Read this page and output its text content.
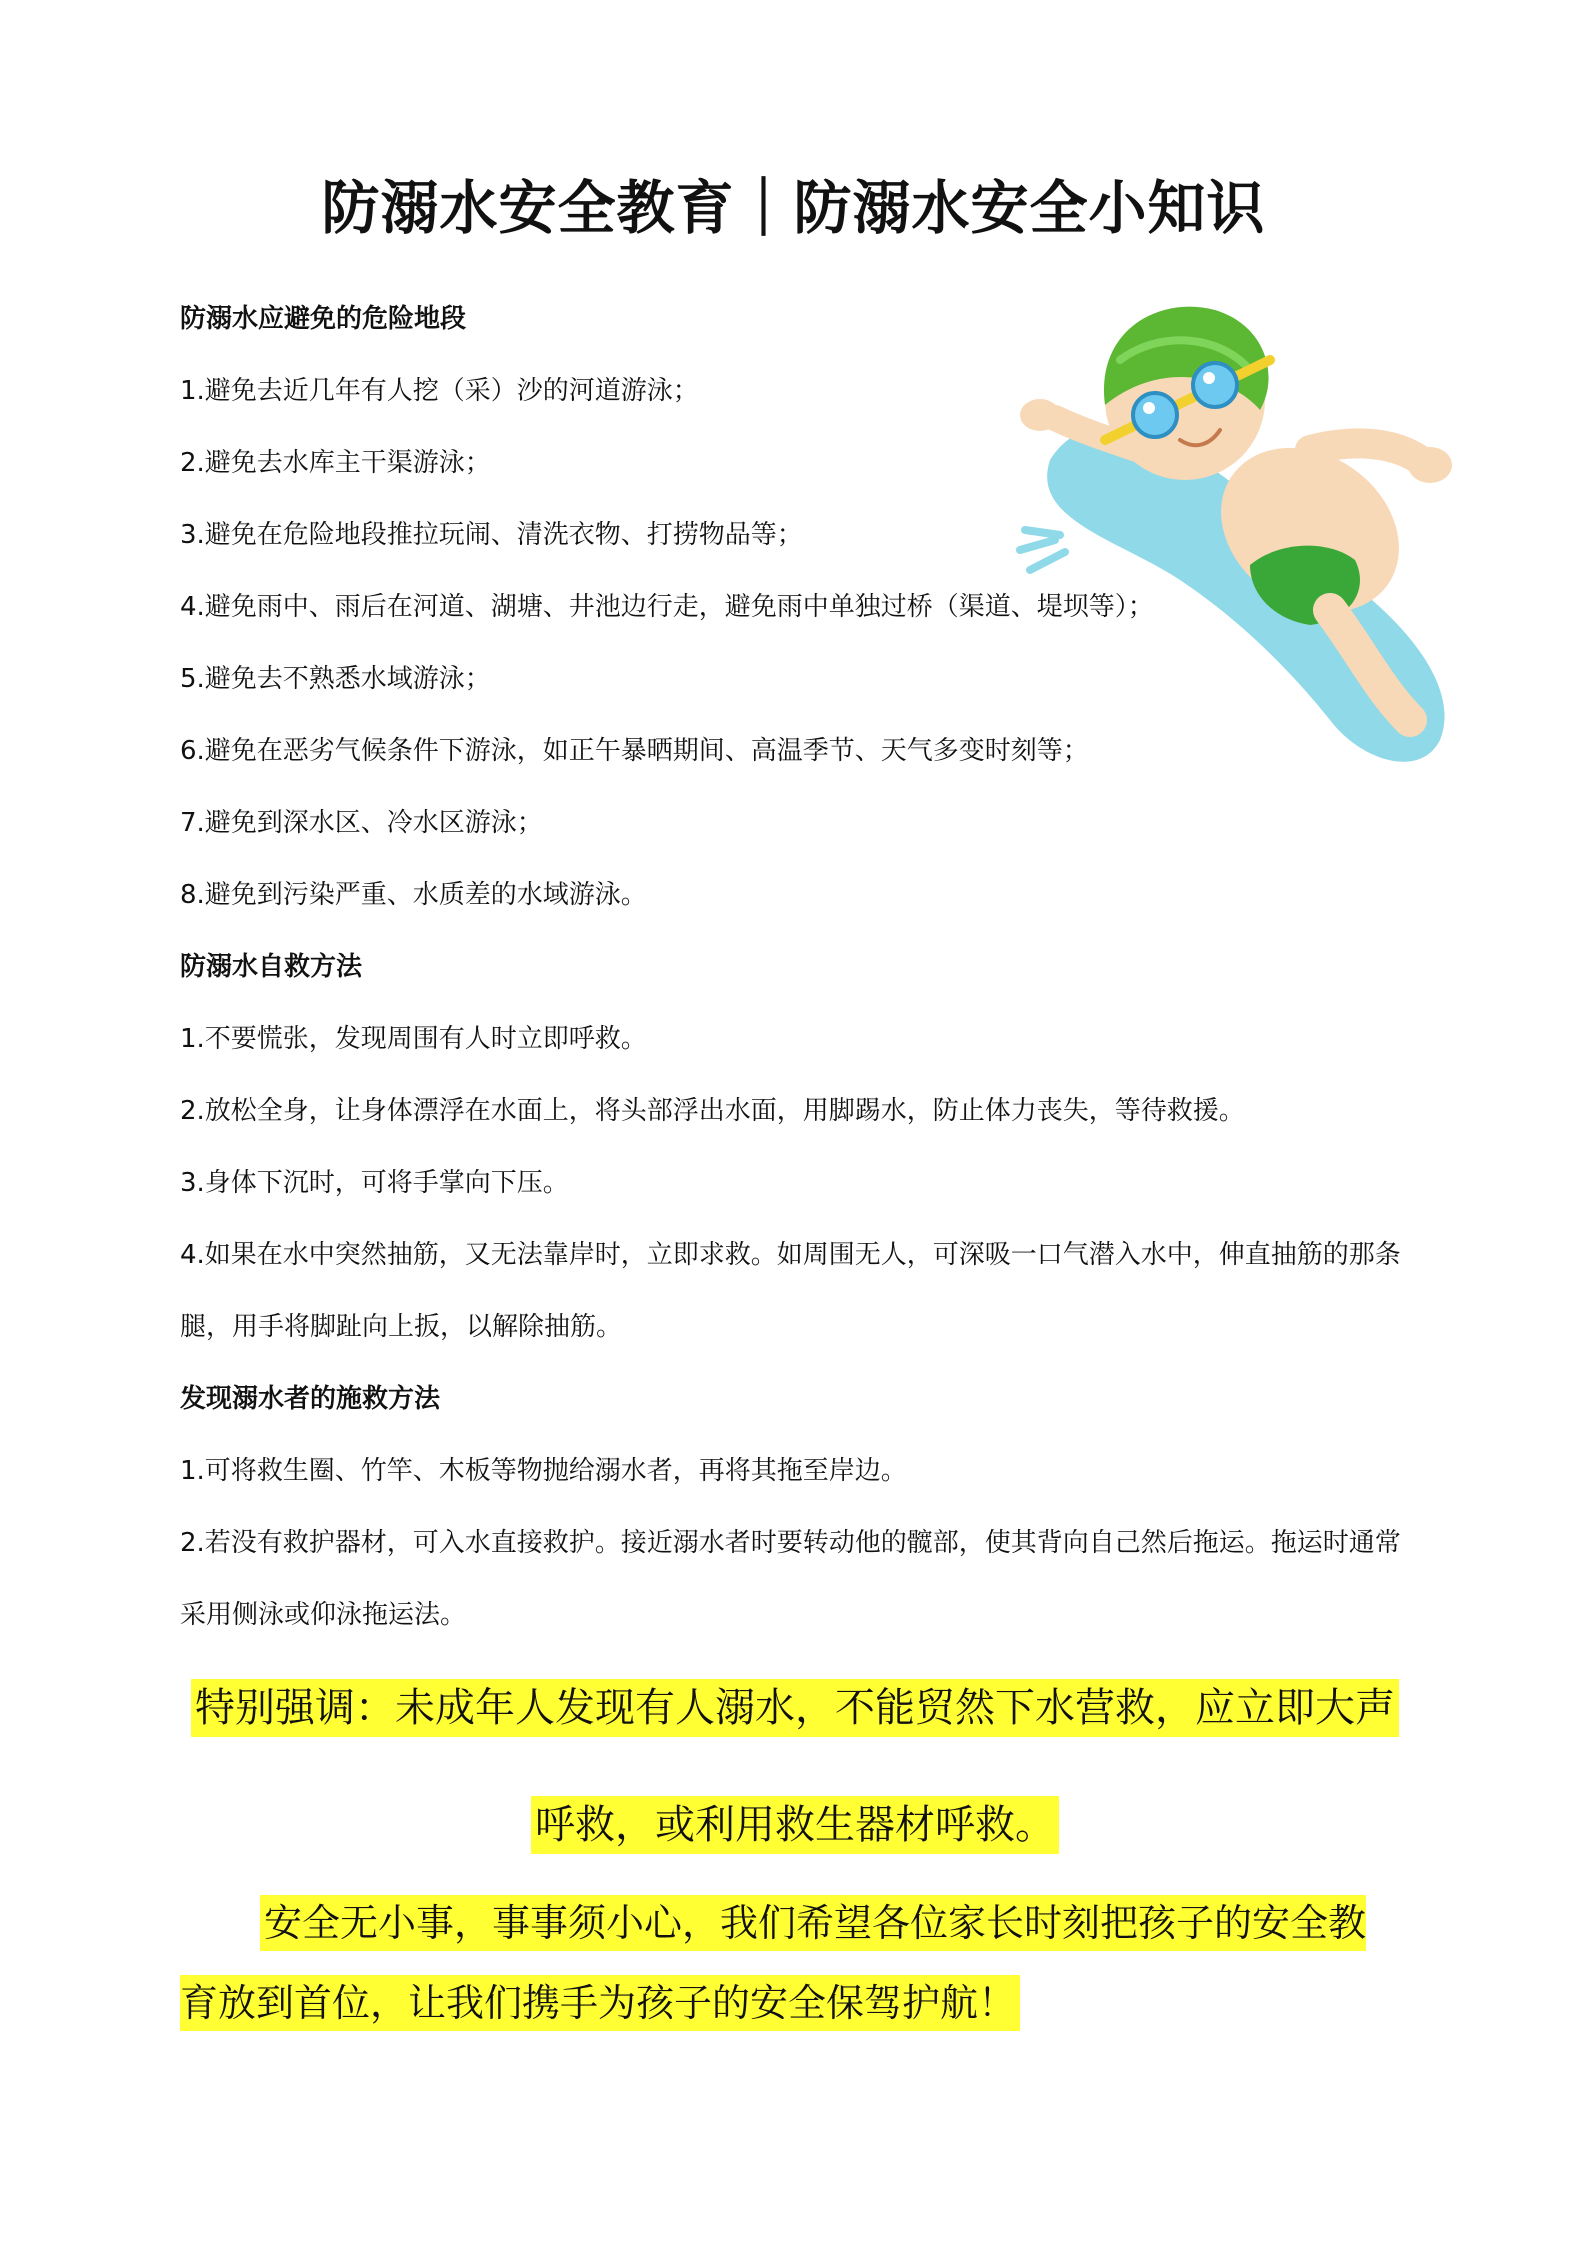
防溺水安全教育｜防溺水安全小知识

防溺水应避免的危险地段

1.避免去近几年有人挖（采）沙的河道游泳；

2.避免去水库主干渠游泳；

3.避免在危险地段推拉玩闹、清洗衣物、打捞物品等；

4.避免雨中、雨后在河道、湖塘、井池边行走，避免雨中单独过桥（渠道、堤坝等）；

5.避免去不熟悉水域游泳；

6.避免在恶劣气候条件下游泳，如正午暴晒期间、高温季节、天气多变时刻等；

7.避免到深水区、冷水区游泳；

8.避免到污染严重、水质差的水域游泳。

防溺水自救方法

1.不要慌张，发现周围有人时立即呼救。

2.放松全身，让身体漂浮在水面上，将头部浮出水面，用脚踢水，防止体力丧失，等待救援。

3.身体下沉时，可将手掌向下压。

4.如果在水中突然抽筋，又无法靠岸时，立即求救。如周围无人，可深吸一口气潜入水中，伸直抽筋的那条腿，用手将脚趾向上扳，以解除抽筋。

发现溺水者的施救方法

1.可将救生圈、竹竿、木板等物抛给溺水者，再将其拖至岸边。

2.若没有救护器材，可入水直接救护。接近溺水者时要转动他的髋部，使其背向自己然后拖运。拖运时通常采用侧泳或仰泳拖运法。

特别强调：未成年人发现有人溺水，不能贸然下水营救，应立即大声
呼救，或利用救生器材呼救。

安全无小事，事事须小心，我们希望各位家长时刻把孩子的安全教育放到首位，让我们携手为孩子的安全保驾护航！
